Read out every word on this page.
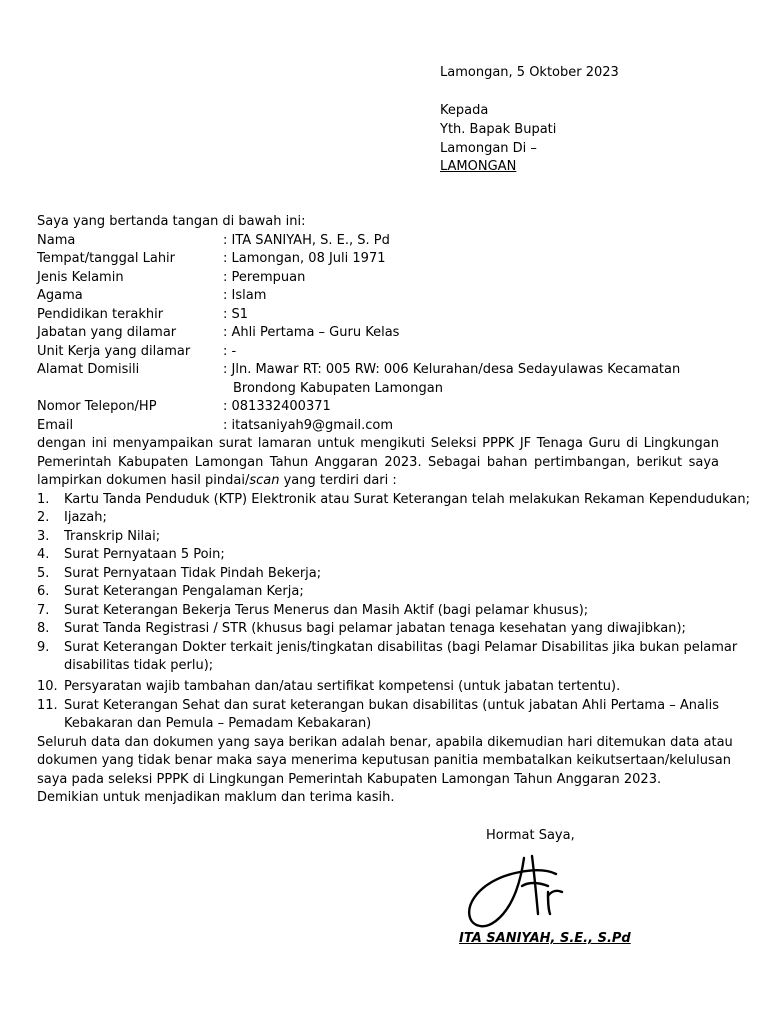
Lamongan, 5 Oktober 2023
Kepada
Yth. Bapak Bupati
Lamongan Di –
LAMONGAN
Saya yang bertanda tangan di bawah ini:
Nama	: ITA SANIYAH, S. E., S. Pd
Tempat/tanggal Lahir	: Lamongan, 08 Juli 1971
Jenis Kelamin	: Perempuan
Agama	: Islam
Pendidikan terakhir	: S1
Jabatan yang dilamar	: Ahli Pertama – Guru Kelas
Unit Kerja yang dilamar	: -
Alamat Domisili	: Jln. Mawar RT: 005 RW: 006 Kelurahan/desa Sedayulawas Kecamatan
Brondong Kabupaten Lamongan
Nomor Telepon/HP	: 081332400371
Email	: itatsaniyah9@gmail.com
dengan ini menyampaikan surat lamaran untuk mengikuti Seleksi PPPK JF Tenaga Guru di Lingkungan
Pemerintah Kabupaten Lamongan Tahun Anggaran 2023. Sebagai bahan pertimbangan, berikut saya
lampirkan dokumen hasil pindai/scan yang terdiri dari :
1. Kartu Tanda Penduduk (KTP) Elektronik atau Surat Keterangan telah melakukan Rekaman Kependudukan;
2. Ijazah;
3. Transkrip Nilai;
4. Surat Pernyataan 5 Poin;
5. Surat Pernyataan Tidak Pindah Bekerja;
6. Surat Keterangan Pengalaman Kerja;
7. Surat Keterangan Bekerja Terus Menerus dan Masih Aktif (bagi pelamar khusus);
8. Surat Tanda Registrasi / STR (khusus bagi pelamar jabatan tenaga kesehatan yang diwajibkan);
9. Surat Keterangan Dokter terkait jenis/tingkatan disabilitas (bagi Pelamar Disabilitas jika bukan pelamar
disabilitas tidak perlu);
10. Persyaratan wajib tambahan dan/atau sertifikat kompetensi (untuk jabatan tertentu).
11. Surat Keterangan Sehat dan surat keterangan bukan disabilitas (untuk jabatan Ahli Pertama – Analis
Kebakaran dan Pemula – Pemadam Kebakaran)
Seluruh data dan dokumen yang saya berikan adalah benar, apabila dikemudian hari ditemukan data atau
dokumen yang tidak benar maka saya menerima keputusan panitia membatalkan keikutsertaan/kelulusan
saya pada seleksi PPPK di Lingkungan Pemerintah Kabupaten Lamongan Tahun Anggaran 2023.
Demikian untuk menjadikan maklum dan terima kasih.
Hormat Saya,
ITA SANIYAH, S.E., S.Pd
